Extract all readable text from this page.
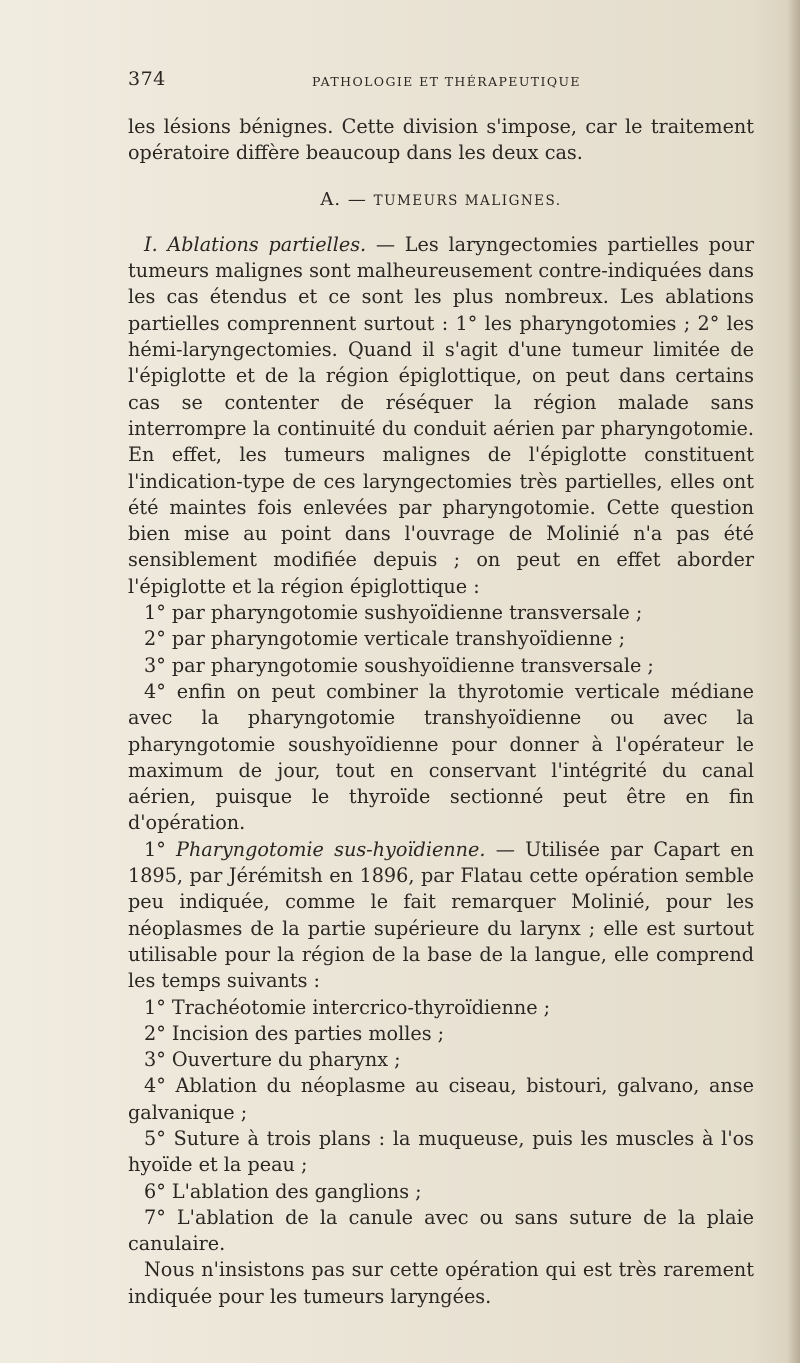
374	PATHOLOGIE ET THÉRAPEUTIQUE

les lésions bénignes. Cette division s'impose, car le traitement opératoire diffère beaucoup dans les deux cas.

A. — TUMEURS MALIGNES.

I. Ablations partielles. — Les laryngectomies partielles pour tumeurs malignes sont malheureusement contre-indiquées dans les cas étendus et ce sont les plus nombreux. Les ablations partielles comprennent surtout : 1° les pharyngotomies ; 2° les hémi-laryngectomies. Quand il s'agit d'une tumeur limitée de l'épiglotte et de la région épiglottique, on peut dans certains cas se contenter de réséquer la région malade sans interrompre la continuité du conduit aérien par pharyngotomie. En effet, les tumeurs malignes de l'épiglotte constituent l'indication-type de ces laryngectomies très partielles, elles ont été maintes fois enlevées par pharyngotomie. Cette question bien mise au point dans l'ouvrage de Molinié n'a pas été sensiblement modifiée depuis ; on peut en effet aborder l'épiglotte et la région épiglottique :

1° par pharyngotomie sushyoïdienne transversale ;

2° par pharyngotomie verticale transhyoïdienne ;

3° par pharyngotomie soushyoïdienne transversale ;

4° enfin on peut combiner la thyrotomie verticale médiane avec la pharyngotomie transhyoïdienne ou avec la pharyngotomie soushyoïdienne pour donner à l'opérateur le maximum de jour, tout en conservant l'intégrité du canal aérien, puisque le thyroïde sectionné peut être en fin d'opération.

1° Pharyngotomie sus-hyoïdienne. — Utilisée par Capart en 1895, par Jérémitsh en 1896, par Flatau cette opération semble peu indiquée, comme le fait remarquer Molinié, pour les néoplasmes de la partie supérieure du larynx ; elle est surtout utilisable pour la région de la base de la langue, elle comprend les temps suivants :

1° Trachéotomie intercrico-thyroïdienne ;

2° Incision des parties molles ;

3° Ouverture du pharynx ;

4° Ablation du néoplasme au ciseau, bistouri, galvano, anse galvanique ;

5° Suture à trois plans : la muqueuse, puis les muscles à l'os hyoïde et la peau ;

6° L'ablation des ganglions ;

7° L'ablation de la canule avec ou sans suture de la plaie canulaire.

Nous n'insistons pas sur cette opération qui est très rarement indiquée pour les tumeurs laryngées.
